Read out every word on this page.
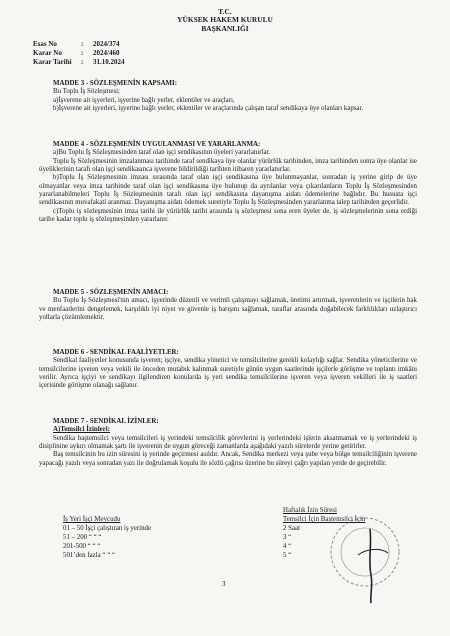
T.C.
YÜKSEK HAKEM KURULU
BAŞKANLIĞI
Esas No	: 2024/374
Karar No	: 2024/460
Karar Tarihi : 31.10.2024

MADDE 3 - SÖZLEŞMENİN KAPSAMI:

Bu Toplu İş Sözleşmesi;

a)İşverene ait işyerleri, işyerine bağlı yerler, eklentiler ve araçları,

b)İşverene ait işyerleri, işyerine bağlı yerler, eklentiler ve araçlarında çalışan taraf sendikaya üye olanları kapsar.

MADDE 4 - SÖZLEŞMENİN UYGULANMASI VE YARARLANMA:

a)Bu Toplu İş Sözleşmesinden taraf olan işçi sendikasının üyeleri yararlanırlar.

Toplu İş Sözleşmesinin imzalanması tarihinde taraf sendikaya üye olanlar yürürlük tarihinden, imza tarihinden sonra üye olanlar ise üyeliklerinin tarafı olan işçi sendikasınca işverene bildirildiği tarihten itibaren yararlanırlar.

b)Toplu İş Sözleşmesinin imzası sırasında taraf olan işçi sendikasına üye bulunmayanlar, sonradan iş yerine girip de üye olmayanlar veya imza tarihinde taraf olan işçi sendikasına üye bulunup da ayrılanlar veya çıkarılanların Toplu İş Sözleşmesinden yararlanabilmeleri Toplu İş Sözleşmesinin tarafı olan işçi sendikasına dayanışma aidatı ödemelerine bağlıdır. Bu hususta işçi sendikasının muvafakati aranmaz. Dayanışma aidatı ödemek suretiyle Toplu İş Sözleşmesinden yararlanma talep tarihinden geçerlidir.

c)Toplu iş sözleşmesinin imza tarihi ile yürürlük tarihi arasında iş sözleşmesi sona eren üyeler de, iş sözleşmelerinin sona erdiği tarihe kadar toplu iş sözleşmesinden yararlanır.

MADDE 5 - SÖZLEŞMENİN AMACI:

Bu Toplu İş Sözleşmesi'nin amacı, işyerinde düzenli ve verimli çalışmayı sağlamak, üretimi artırmak, işverenlerin ve işçilerin hak ve menfaatlerini dengelemek, karşılıklı iyi niyet ve güvenle iş barışını sağlamak, taraflar arasında doğabilecek farklılıkları uzlaştırıcı yollarla çözümlemektir.

MADDE 6 - SENDİKAL FAALİYETLER:

Sendikal faaliyetler konusunda işveren; işçiye, sendika yönetici ve temsilcilerine gerekli kolaylığı sağlar. Sendika yöneticilerine ve temsilcilerine işveren veya vekili ile önceden mutabık kalınmak suretiyle günün uygun saatlerinde işçilerle görüşme ve toplantı imkânı verilir. Ayrıca işçiyi ve sendikayı ilgilendiren konularda iş yeri sendika temsilcilerine işveren veya işveren vekilleri ile iş saatleri içerisinde görüşme olanağı sağlanır.

MADDE 7 - SENDİKAL İZİNLER:

A)Temsilci İzinleri:

Sendika baştemsilci veya temsilcileri iş yerindeki temsilcilik görevlerini iş yerlerindeki işlerin aksatmamak ve iş yerlerindeki iş disiplinine aykırı olmamak şartı ile işverenin de uygun göreceği zamanlarda aşağıdaki yazılı sürelerde yerine getirirler.

Baş temsilcinin bu izin süresini iş yerinde geçirmesi asıldır. Ancak, Sendika merkezi veya şube veya bölge temsilciliğinin işverene yapacağı yazılı veya sonradan yazı ile doğrulamak koşulu ile sözlü çağrısı üzerine bu süreyi çağrı yapılan yerde de geçirebilir.

İş Yeri İşçi Mevcudu
01 – 50 İşçi çalıştıran iş yerinde
51 – 200 “ “ “
201-500 “ “ “
501’den fazla “ “ “
Haftalık İzin Süresi
Temsilci İçin Baştemsilci İçin
2 Saat
3 “
4 “
5 “
3
